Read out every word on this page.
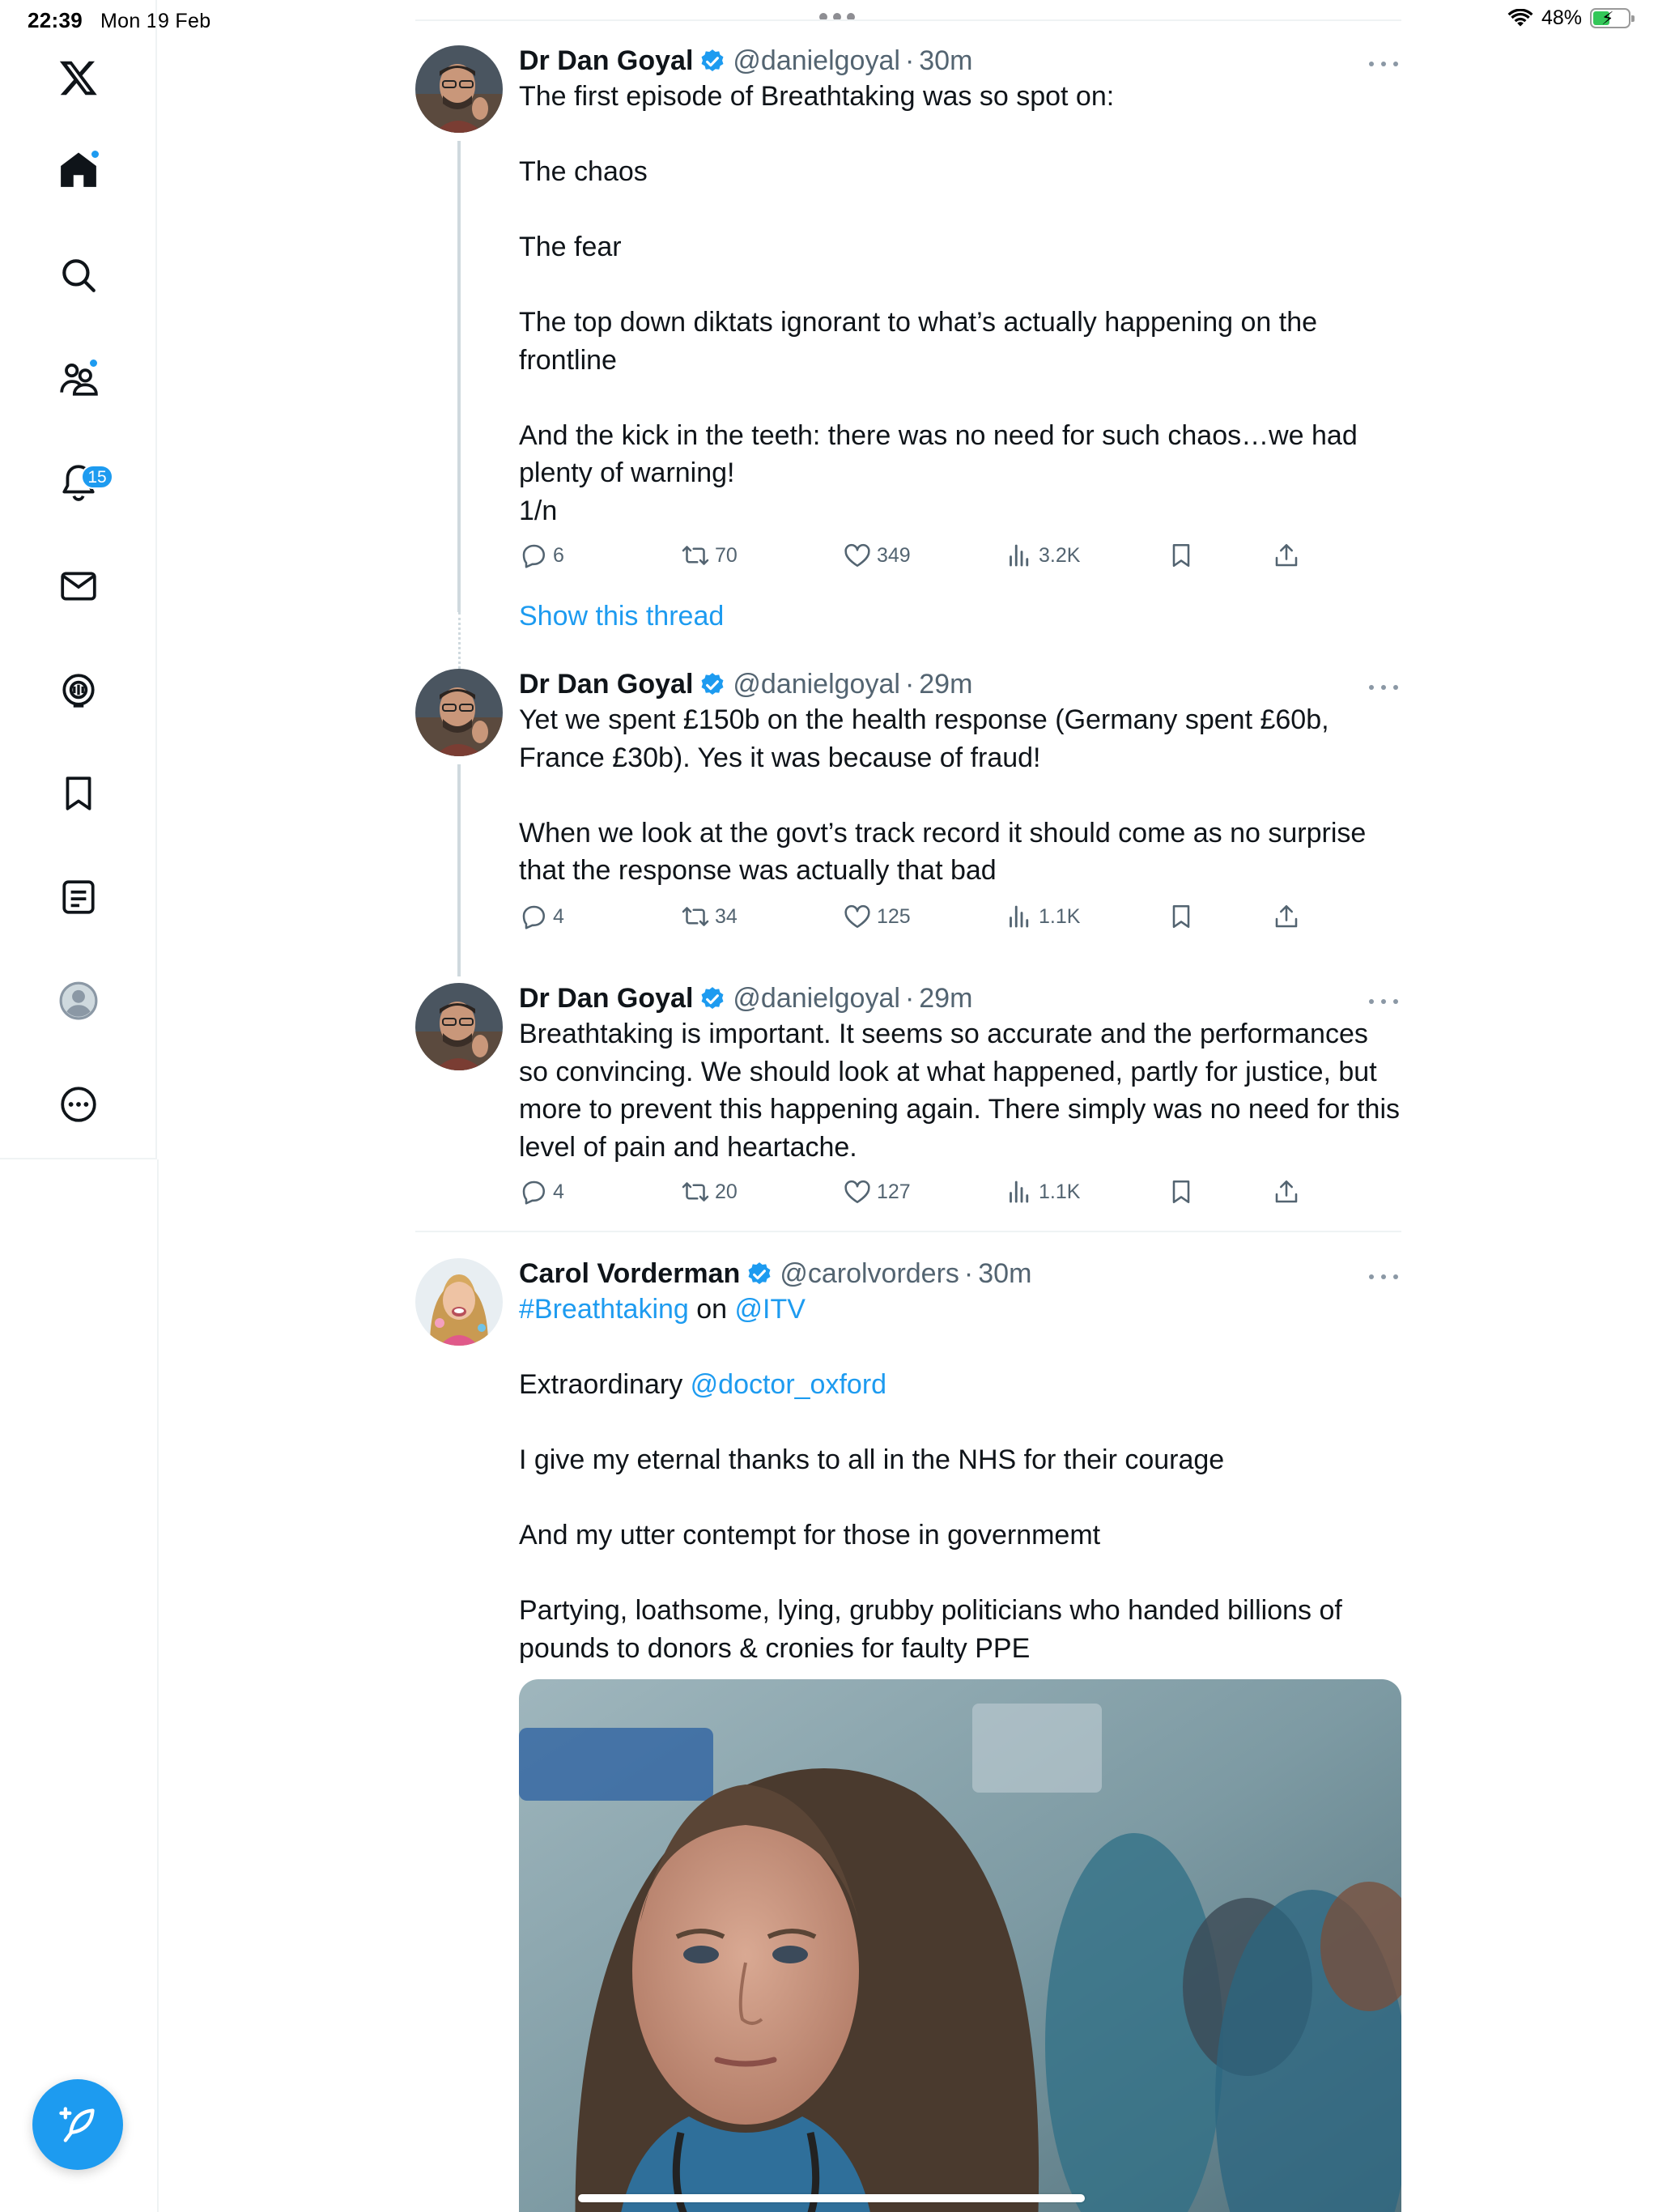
22:39 Mon 19 Feb	48% ⚡
15
Dr Dan Goyal @danielgoyal · 30m
The first episode of Breathtaking was so spot on:

The chaos

The fear

The top down diktats ignorant to what’s actually happening on the frontline

And the kick in the teeth: there was no need for such chaos…we had plenty of warning!
1/n
6	70	349	3.2K
Show this thread
Dr Dan Goyal @danielgoyal · 29m
Yet we spent £150b on the health response (Germany spent £60b, France £30b). Yes it was because of fraud!

When we look at the govt’s track record it should come as no surprise that the response was actually that bad
4	34	125	1.1K
Dr Dan Goyal @danielgoyal · 29m
Breathtaking is important. It seems so accurate and the performances so convincing. We should look at what happened, partly for justice, but more to prevent this happening again. There simply was no need for this level of pain and heartache.
4	20	127	1.1K
Carol Vorderman @carolvorders · 30m
#Breathtaking on @ITV
Extraordinary @doctor_oxford
I give my eternal thanks to all in the NHS for their courage

And my utter contempt for those in governmemt

Partying, loathsome, lying, grubby politicians who handed billions of pounds to donors & cronies for faulty PPE
